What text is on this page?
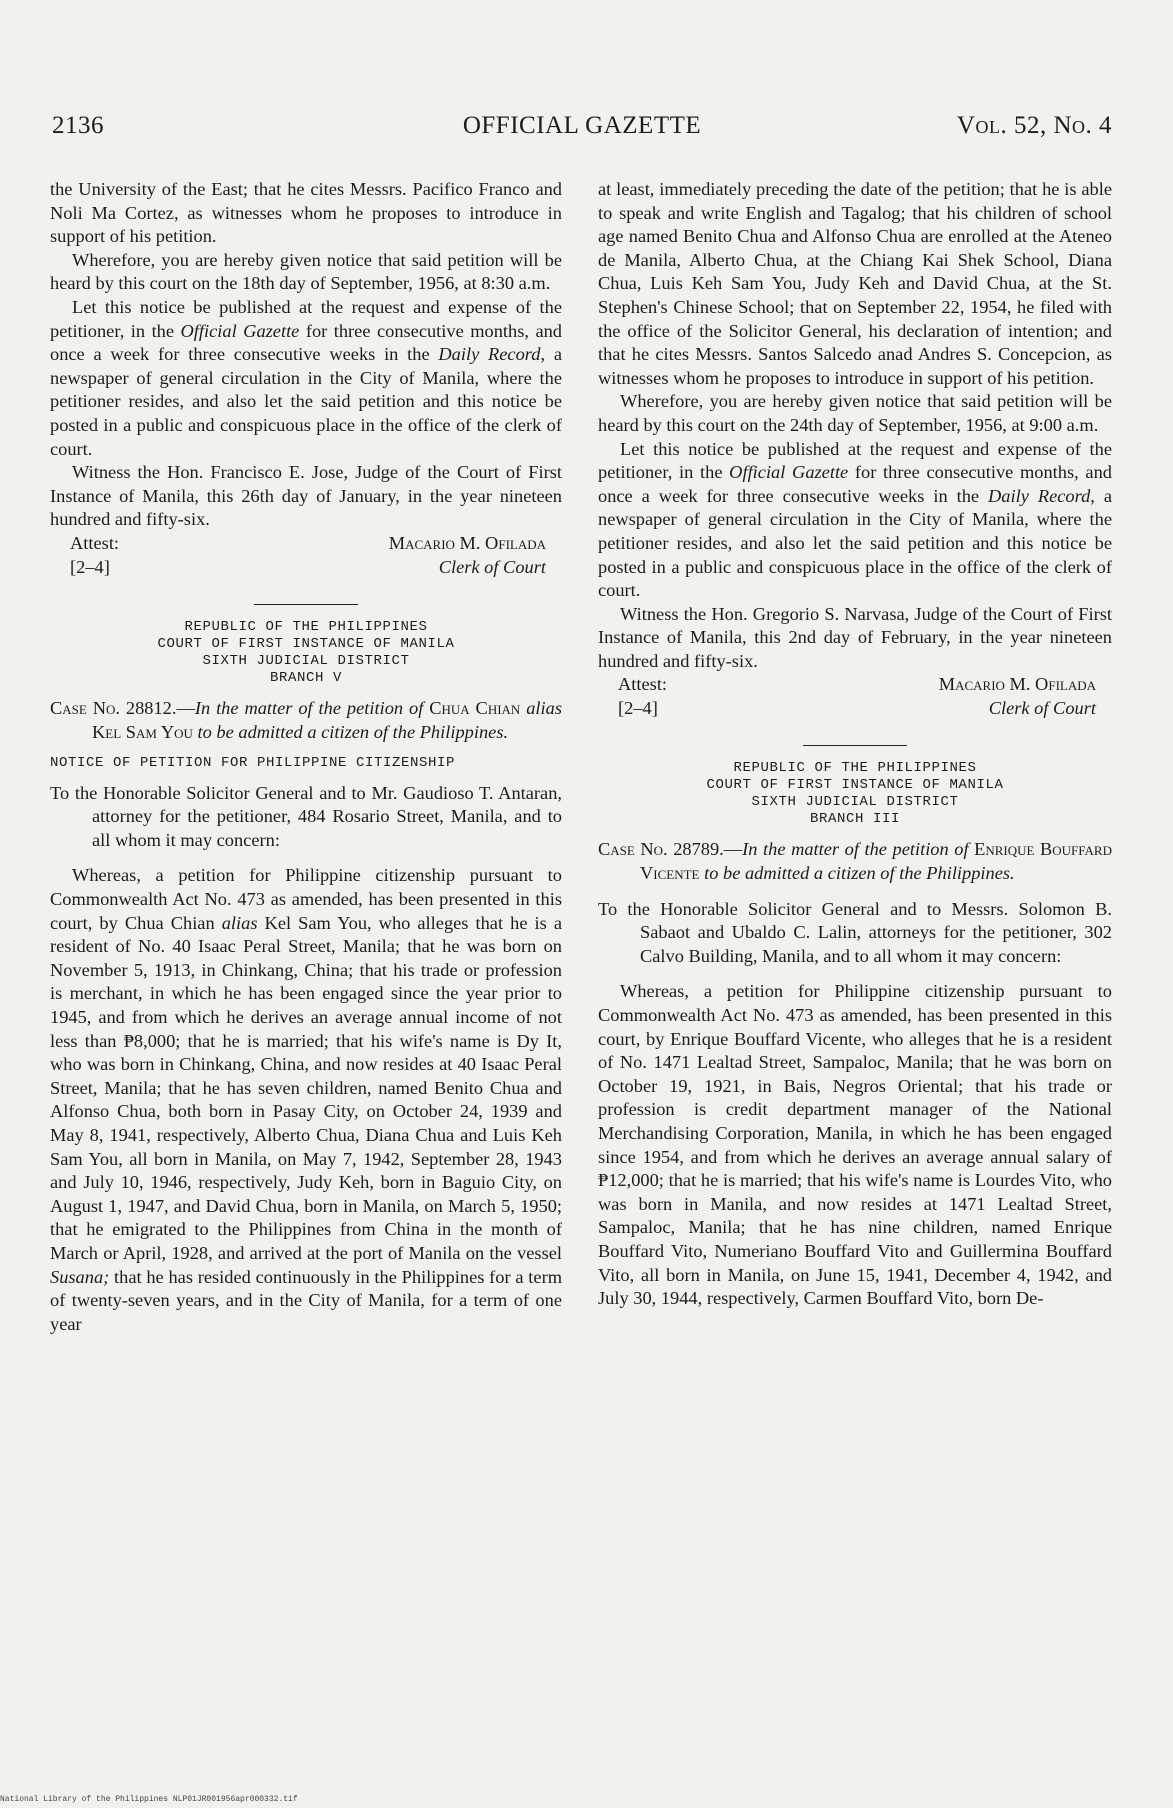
2136	OFFICIAL GAZETTE	Vol. 52, No. 4

the University of the East; that he cites Messrs. Pacifico Franco and Noli Ma Cortez, as witnesses whom he proposes to introduce in support of his petition.

Wherefore, you are hereby given notice that said petition will be heard by this court on the 18th day of September, 1956, at 8:30 a.m.

Let this notice be published at the request and expense of the petitioner, in the Official Gazette for three consecutive months, and once a week for three consecutive weeks in the Daily Record, a newspaper of general circulation in the City of Manila, where the petitioner resides, and also let the said petition and this notice be posted in a public and conspicuous place in the office of the clerk of court.

Witness the Hon. Francisco E. Jose, Judge of the Court of First Instance of Manila, this 26th day of January, in the year nineteen hundred and fifty-six.

Attest:
[2–4]
Macario M. Ofilada
Clerk of Court
REPUBLIC OF THE PHILIPPINES
COURT OF FIRST INSTANCE OF MANILA
SIXTH JUDICIAL DISTRICT
BRANCH V

Case No. 28812.—In the matter of the petition of Chua Chian alias Kel Sam You to be admitted a citizen of the Philippines.

NOTICE OF PETITION FOR PHILIPPINE CITIZENSHIP

To the Honorable Solicitor General and to Mr. Gaudioso T. Antaran, attorney for the petitioner, 484 Rosario Street, Manila, and to all whom it may concern:

Whereas, a petition for Philippine citizenship pursuant to Commonwealth Act No. 473 as amended, has been presented in this court, by Chua Chian alias Kel Sam You, who alleges that he is a resident of No. 40 Isaac Peral Street, Manila; that he was born on November 5, 1913, in Chinkang, China; that his trade or profession is merchant, in which he has been engaged since the year prior to 1945, and from which he derives an average annual income of not less than ₱8,000; that he is married; that his wife's name is Dy It, who was born in Chinkang, China, and now resides at 40 Isaac Peral Street, Manila; that he has seven children, named Benito Chua and Alfonso Chua, both born in Pasay City, on October 24, 1939 and May 8, 1941, respectively, Alberto Chua, Diana Chua and Luis Keh Sam You, all born in Manila, on May 7, 1942, September 28, 1943 and July 10, 1946, respectively, Judy Keh, born in Baguio City, on August 1, 1947, and David Chua, born in Manila, on March 5, 1950; that he emigrated to the Philippines from China in the month of March or April, 1928, and arrived at the port of Manila on the vessel Susana; that he has resided continuously in the Philippines for a term of twenty-seven years, and in the City of Manila, for a term of one year

at least, immediately preceding the date of the petition; that he is able to speak and write English and Tagalog; that his children of school age named Benito Chua and Alfonso Chua are enrolled at the Ateneo de Manila, Alberto Chua, at the Chiang Kai Shek School, Diana Chua, Luis Keh Sam You, Judy Keh and David Chua, at the St. Stephen's Chinese School; that on September 22, 1954, he filed with the office of the Solicitor General, his declaration of intention; and that he cites Messrs. Santos Salcedo anad Andres S. Concepcion, as witnesses whom he proposes to introduce in support of his petition.

Wherefore, you are hereby given notice that said petition will be heard by this court on the 24th day of September, 1956, at 9:00 a.m.

Let this notice be published at the request and expense of the petitioner, in the Official Gazette for three consecutive months, and once a week for three consecutive weeks in the Daily Record, a newspaper of general circulation in the City of Manila, where the petitioner resides, and also let the said petition and this notice be posted in a public and conspicuous place in the office of the clerk of court.

Witness the Hon. Gregorio S. Narvasa, Judge of the Court of First Instance of Manila, this 2nd day of February, in the year nineteen hundred and fifty-six.

Attest:
[2–4]
Macario M. Ofilada
Clerk of Court
REPUBLIC OF THE PHILIPPINES
COURT OF FIRST INSTANCE OF MANILA
SIXTH JUDICIAL DISTRICT
BRANCH III

Case No. 28789.—In the matter of the petition of Enrique Bouffard Vicente to be admitted a citizen of the Philippines.

To the Honorable Solicitor General and to Messrs. Solomon B. Sabaot and Ubaldo C. Lalin, attorneys for the petitioner, 302 Calvo Building, Manila, and to all whom it may concern:

Whereas, a petition for Philippine citizenship pursuant to Commonwealth Act No. 473 as amended, has been presented in this court, by Enrique Bouffard Vicente, who alleges that he is a resident of No. 1471 Lealtad Street, Sampaloc, Manila; that he was born on October 19, 1921, in Bais, Negros Oriental; that his trade or profession is credit department manager of the National Merchandising Corporation, Manila, in which he has been engaged since 1954, and from which he derives an average annual salary of ₱12,000; that he is married; that his wife's name is Lourdes Vito, who was born in Manila, and now resides at 1471 Lealtad Street, Sampaloc, Manila; that he has nine children, named Enrique Bouffard Vito, Numeriano Bouffard Vito and Guillermina Bouffard Vito, all born in Manila, on June 15, 1941, December 4, 1942, and July 30, 1944, respectively, Carmen Bouffard Vito, born De-

National Library of the Philippines NLP01JR001956apr000332.tif
